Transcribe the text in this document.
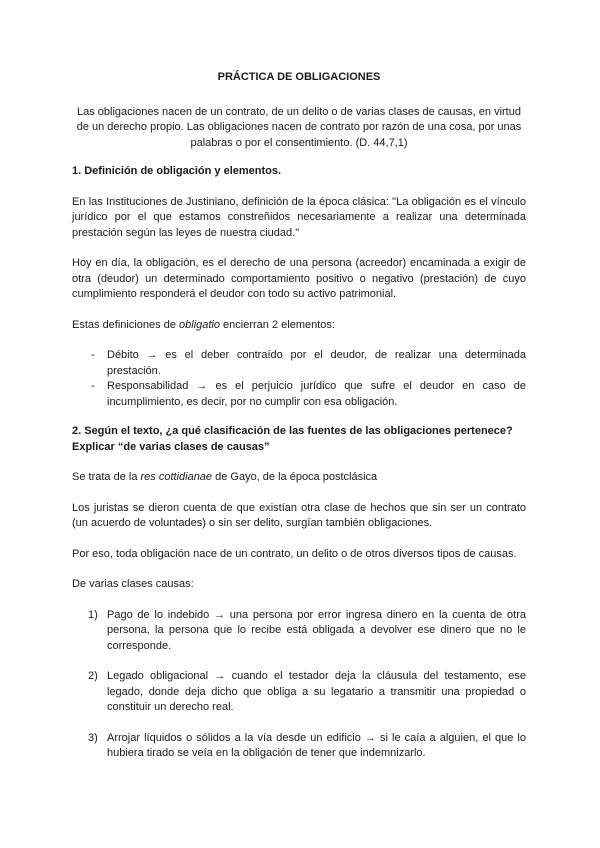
PRÁCTICA DE OBLIGACIONES

Las obligaciones nacen de un contrato, de un delito o de varias clases de causas, en virtud de un derecho propio. Las obligaciones nacen de contrato por razón de una cosa, por unas palabras o por el consentimiento. (D. 44,7,1)

1. Definición de obligación y elementos.

En las Instituciones de Justiniano, definición de la época clásica: "La obligación es el vínculo jurídico por el que estamos constreñidos necesariamente a realizar una determinada prestación según las leyes de nuestra ciudad."

Hoy en día, la obligación, es el derecho de una persona (acreedor) encaminada a exigir de otra (deudor) un determinado comportamiento positivo o negativo (prestación) de cuyo cumplimiento responderá el deudor con todo su activo patrimonial.

Estas definiciones de obligatio encierran 2 elementos:

- Débito → es el deber contraído por el deudor, de realizar una determinada prestación.
- Responsabilidad → es el perjuicio jurídico que sufre el deudor en caso de incumplimiento, es decir, por no cumplir con esa obligación.

2. Según el texto, ¿a qué clasificación de las fuentes de las obligaciones pertenece? Explicar “de varias clases de causas”

Se trata de la res cottidianae de Gayo, de la época postclásica

Los juristas se dieron cuenta de que existían otra clase de hechos que sin ser un contrato (un acuerdo de voluntades) o sin ser delito, surgían también obligaciones.

Por eso, toda obligación nace de un contrato, un delito o de otros diversos tipos de causas.

De varias clases causas:

1) Pago de lo indebido → una persona por error ingresa dinero en la cuenta de otra persona, la persona que lo recibe está obligada a devolver ese dinero que no le corresponde.
2) Legado obligacional → cuando el testador deja la cláusula del testamento, ese legado, donde deja dicho que obliga a su legatario a transmitir una propiedad o constituir un derecho real.
3) Arrojar líquidos o sólidos a la vía desde un edificio → si le caía a alguien, el que lo hubiera tirado se veía en la obligación de tener que indemnizarlo.
